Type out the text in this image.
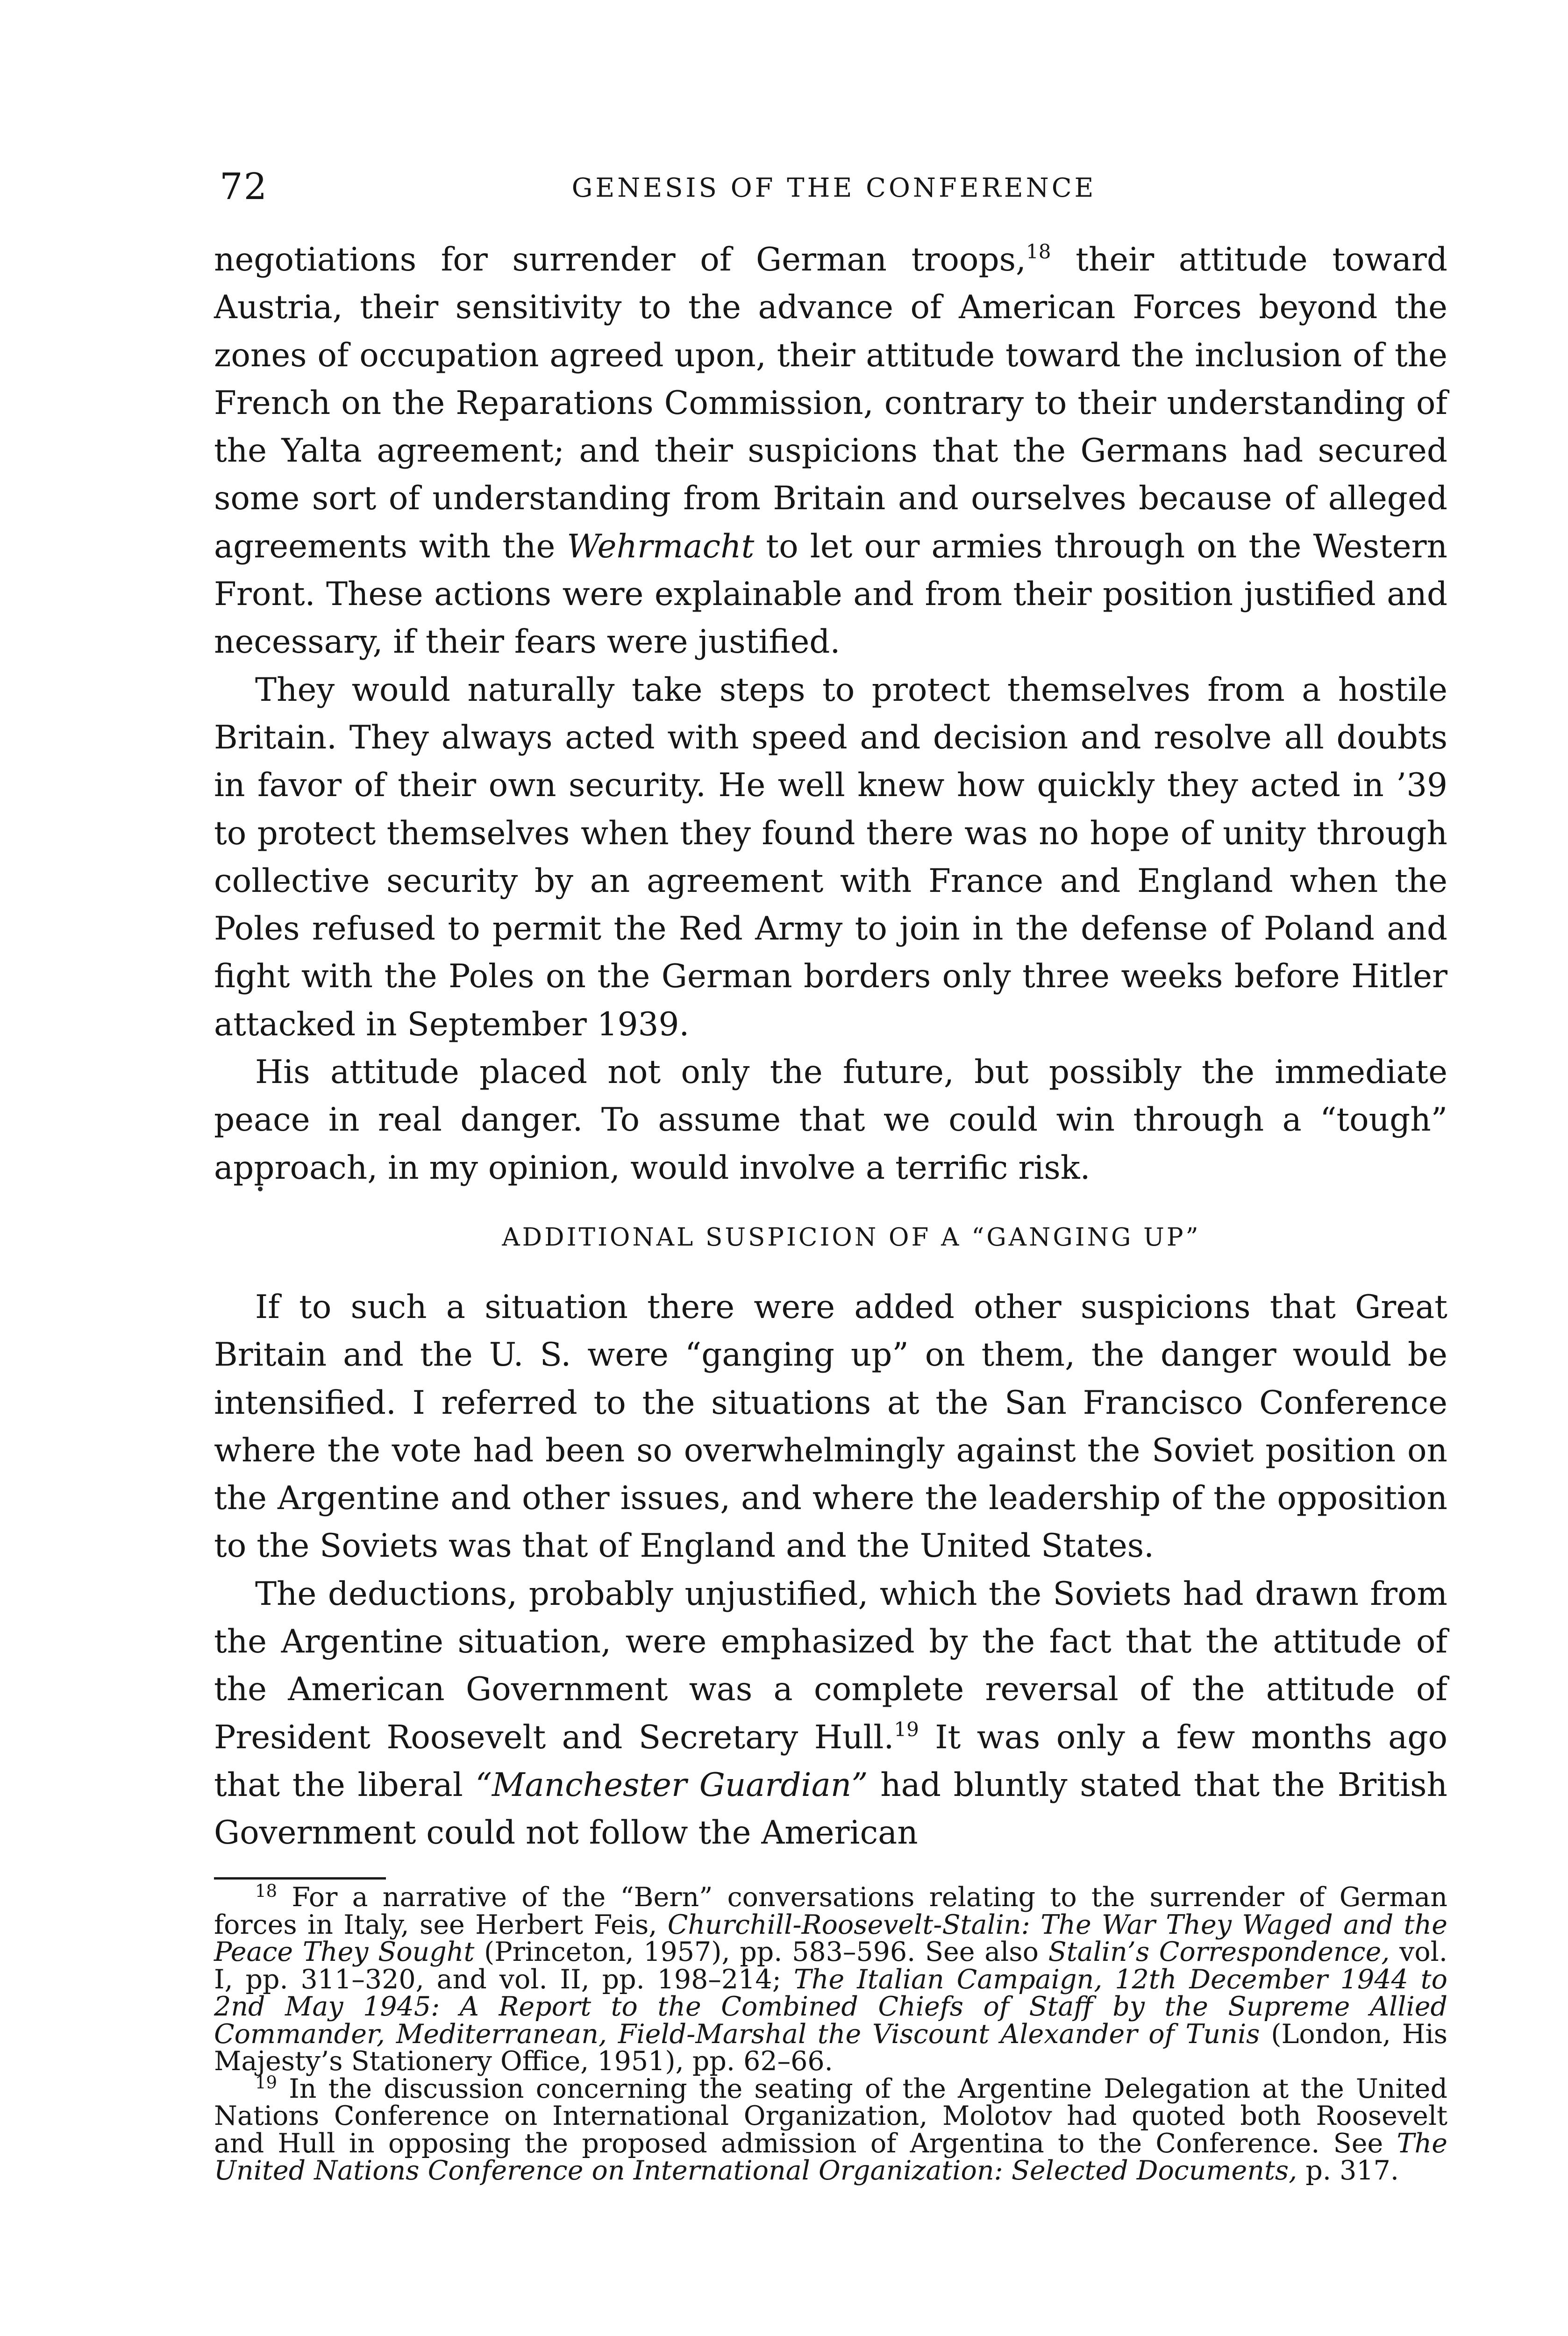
72	GENESIS OF THE CONFERENCE

negotiations for surrender of German troops,$^{18}$ their attitude toward Austria, their sensitivity to the advance of American Forces beyond the zones of occupation agreed upon, their attitude toward the inclusion of the French on the Reparations Commission, contrary to their understanding of the Yalta agreement; and their suspicions that the Germans had secured some sort of understanding from Britain and ourselves because of alleged agreements with the Wehrmacht to let our armies through on the Western Front. These actions were explainable and from their position justified and necessary, if their fears were justified.

They would naturally take steps to protect themselves from a hostile Britain. They always acted with speed and decision and resolve all doubts in favor of their own security. He well knew how quickly they acted in ’39 to protect themselves when they found there was no hope of unity through collective security by an agreement with France and England when the Poles refused to permit the Red Army to join in the defense of Poland and fight with the Poles on the German borders only three weeks before Hitler attacked in September 1939.

His attitude placed not only the future, but possibly the immediate peace in real danger. To assume that we could win through a “tough” approach, in my opinion, would involve a terrific risk.

ADDITIONAL SUSPICION OF A “GANGING UP”

If to such a situation there were added other suspicions that Great Britain and the U. S. were “ganging up” on them, the danger would be intensified. I referred to the situations at the San Francisco Conference where the vote had been so overwhelmingly against the Soviet position on the Argentine and other issues, and where the leadership of the opposition to the Soviets was that of England and the United States.

The deductions, probably unjustified, which the Soviets had drawn from the Argentine situation, were emphasized by the fact that the attitude of the American Government was a complete reversal of the attitude of President Roosevelt and Secretary Hull.$^{19}$ It was only a few months ago that the liberal “Manchester Guardian” had bluntly stated that the British Government could not follow the American

$^{18}$ For a narrative of the “Bern” conversations relating to the surrender of German forces in Italy, see Herbert Feis, Churchill-Roosevelt-Stalin: The War They Waged and the Peace They Sought (Princeton, 1957), pp. 583–596. See also Stalin’s Correspondence, vol. I, pp. 311–320, and vol. II, pp. 198–214; The Italian Campaign, 12th December 1944 to 2nd May 1945: A Report to the Combined Chiefs of Staff by the Supreme Allied Commander, Mediterranean, Field-Marshal the Viscount Alexander of Tunis (London, His Majesty’s Stationery Office, 1951), pp. 62–66.

$^{19}$ In the discussion concerning the seating of the Argentine Delegation at the United Nations Conference on International Organization, Molotov had quoted both Roosevelt and Hull in opposing the proposed admission of Argentina to the Conference. See The United Nations Conference on International Organization: Selected Documents, p. 317.
